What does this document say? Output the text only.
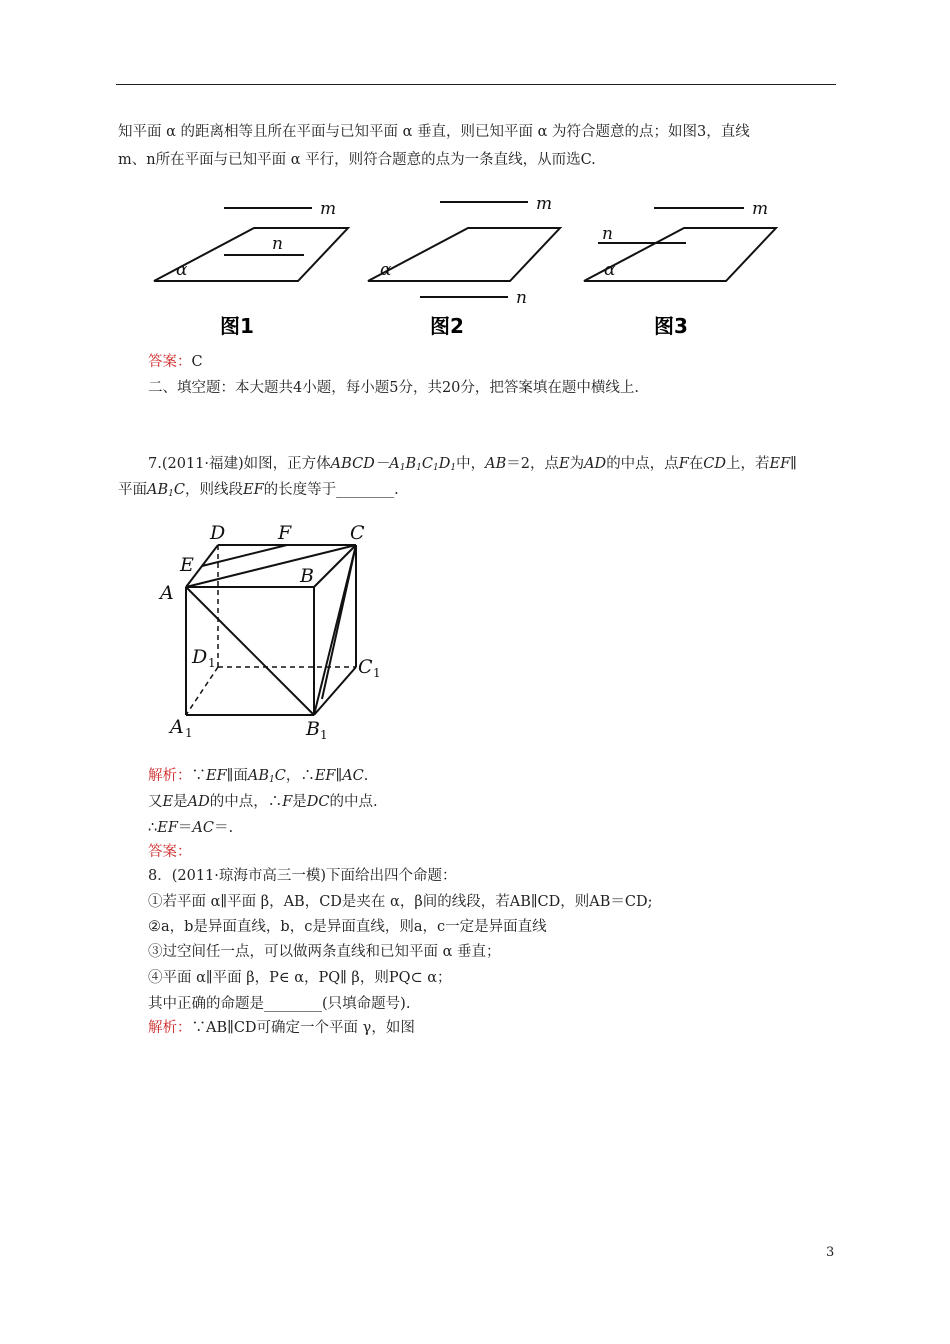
知平面 α 的距离相等且所在平面与已知平面 α 垂直，则已知平面 α 为符合题意的点；如图3，直线
m、n所在平面与已知平面 α 平行，则符合题意的点为一条直线，从而选C.
m
n
α
m
n
α
m
n
α
图1	图2	图3
答案：C
二、填空题：本大题共4小题，每小题5分，共20分，把答案填在题中横线上.
7.(2011·福建)如图，正方体$ABCD-A_1B_1C_1D_1$中，AB＝2，点E为AD的中点，点F在CD上，若EF∥
平面$AB_1C$，则线段EF的长度等于________.
D	F	C
E	B
A
D	C
A	B
1
1
1	1
解析：∵EF∥面$AB_1C$，∴EF∥AC.
又E是AD的中点，∴F是DC的中点.
∴EF＝AC＝.
答案：
8．(2011·琼海市高三一模)下面给出四个命题：
①若平面 α∥平面 β，AB，CD是夹在 α，β间的线段，若AB∥CD，则AB＝CD;
②a，b是异面直线，b，c是异面直线，则a，c一定是异面直线
③过空间任一点，可以做两条直线和已知平面 α 垂直；
④平面 α∥平面 β，P∈ α，PQ∥ β，则PQ⊂ α；
其中正确的命题是________(只填命题号).
解析：∵AB∥CD可确定一个平面 γ，如图
3
